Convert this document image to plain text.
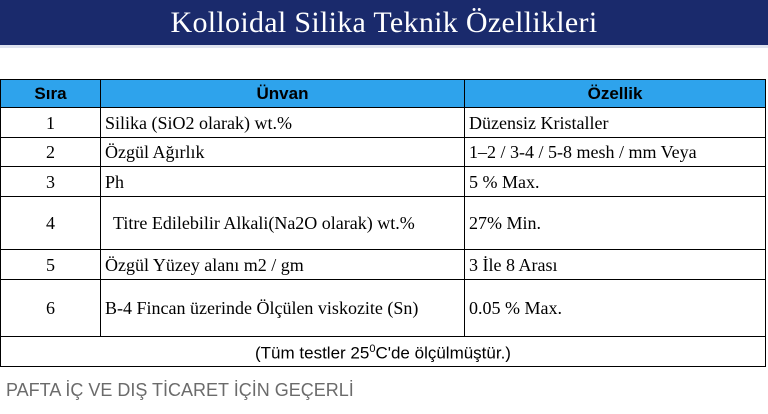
Kolloidal Silika Teknik Özellikleri
Sıra	Ünvan	Özellik
1	Silika (SiO2 olarak) wt.%	Düzensiz Kristaller
2	Özgül Ağırlık	1–2 / 3-4 / 5-8 mesh / mm Veya
3	Ph	5 % Max.
4	Titre Edilebilir Alkali(Na2O olarak) wt.%	27% Min.
5	Özgül Yüzey alanı m2 / gm	3 İle 8 Arası
6	B-4 Fincan üzerinde Ölçülen viskozite (Sn)	0.05 % Max.
(Tüm testler $25^0C'de$ ölçülmüştür.)		
PAFTA İÇ VE DIŞ TİCARET İÇİN GEÇERLİ
